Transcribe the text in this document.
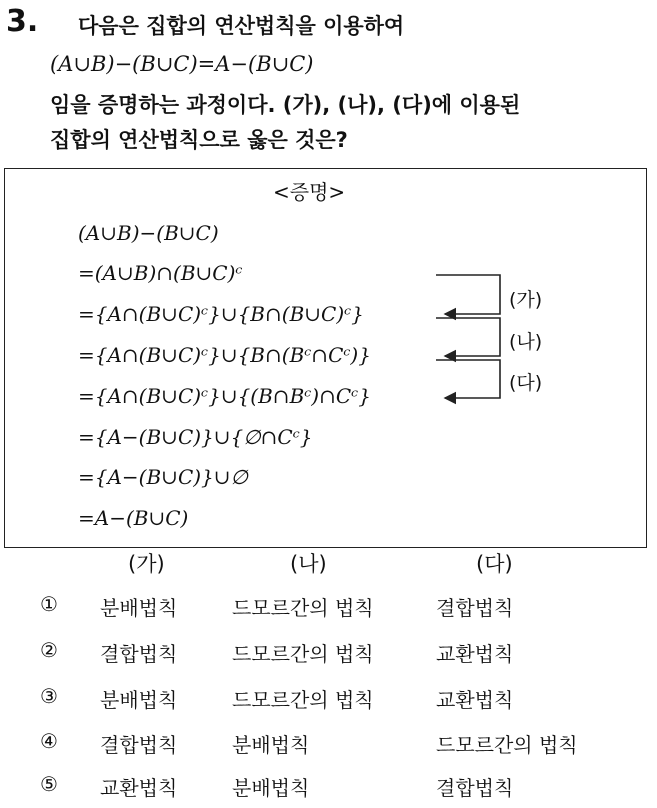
3. 다음은 집합의 연산법칙을 이용하여
(A∪B)−(B∪C)=A−(B∪C)
임을 증명하는 과정이다. (가), (나), (다)에 이용된
집합의 연산법칙으로 옳은 것은?
<증명>
(A∪B)−(B∪C)
=(A∪B)∩(B∪C)ᶜ
={A∩(B∪C)ᶜ}∪{B∩(B∪C)ᶜ}
={A∩(B∪C)ᶜ}∪{B∩(Bᶜ∩Cᶜ)}
={A∩(B∪C)ᶜ}∪{(B∩Bᶜ)∩Cᶜ}
={A−(B∪C)}∪{∅∩Cᶜ}
={A−(B∪C)}∪∅
=A−(B∪C)
(가)
(나)
(다)
(가)	(나)	(다)
① 분배법칙	드모르간의 법칙	결합법칙
② 결합법칙	드모르간의 법칙	교환법칙
③ 분배법칙	드모르간의 법칙	교환법칙
④ 결합법칙	분배법칙	드모르간의 법칙
⑤ 교환법칙	분배법칙	결합법칙
